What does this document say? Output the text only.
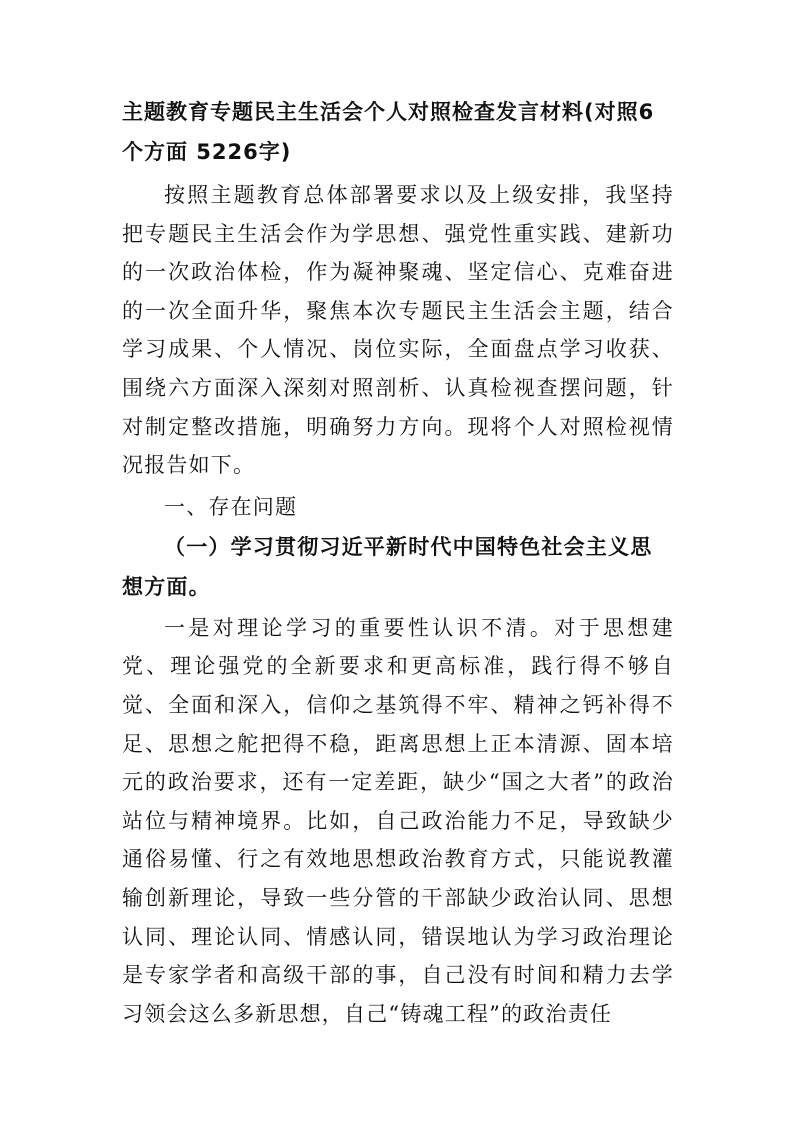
主题教育专题民主生活会个人对照检查发言材料(对照6个方面 5226字)

按照主题教育总体部署要求以及上级安排，我坚持把专题民主生活会作为学思想、强党性重实践、建新功的一次政治体检，作为凝神聚魂、坚定信心、克难奋进的一次全面升华，聚焦本次专题民主生活会主题，结合学习成果、个人情况、岗位实际，全面盘点学习收获、围绕六方面深入深刻对照剖析、认真检视查摆问题，针对制定整改措施，明确努力方向。现将个人对照检视情况报告如下。

一、存在问题

（一）学习贯彻习近平新时代中国特色社会主义思想方面。

一是对理论学习的重要性认识不清。对于思想建党、理论强党的全新要求和更高标准，践行得不够自觉、全面和深入，信仰之基筑得不牢、精神之钙补得不足、思想之舵把得不稳，距离思想上正本清源、固本培元的政治要求，还有一定差距，缺少“国之大者”的政治站位与精神境界。比如，自己政治能力不足，导致缺少通俗易懂、行之有效地思想政治教育方式，只能说教灌输创新理论，导致一些分管的干部缺少政治认同、思想认同、理论认同、情感认同，错误地认为学习政治理论是专家学者和高级干部的事，自己没有时间和精力去学习领会这么多新思想，自己“铸魂工程”的政治责任
